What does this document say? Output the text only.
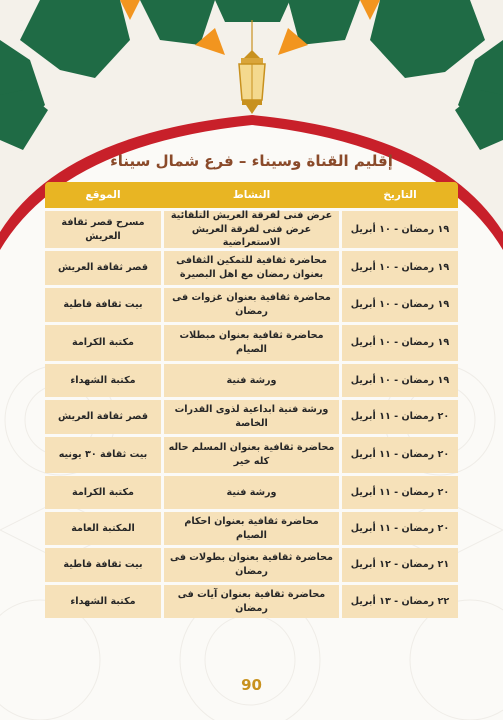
إقليم القناة وسيناء – فرع شمال سيناء
التاريخ
النشاط
الموقع
١٩ رمضان - ١٠ أبريل
عرض فنى لفرقة العريش التلقائية عرض فنى لفرقة العريش الاستعراضية
مسرح قصر ثقافة العريش
١٩ رمضان - ١٠ أبريل
محاضرة ثقافية للتمكين الثقافى بعنوان رمضان مع اهل البصيرة
قصر ثقافة العريش
١٩ رمضان - ١٠ أبريل
محاضرة ثقافية بعنوان غزوات فى رمضان
بيت ثقافة قاطية
١٩ رمضان - ١٠ أبريل
محاضرة ثقافية بعنوان مبطلات الصيام
مكتبة الكرامة
١٩ رمضان - ١٠ أبريل
ورشة فنية
مكتبة الشهداء
٢٠ رمضان - ١١ أبريل
ورشة فنية ابداعية لذوى القدرات الخاصة
قصر ثقافة العريش
٢٠ رمضان - ١١ أبريل
محاضرة ثقافية بعنوان المسلم حاله كله خير
بيت ثقافة ٣٠ يونيه
٢٠ رمضان - ١١ أبريل
ورشة فنية
مكتبة الكرامة
٢٠ رمضان - ١١ أبريل
محاضرة ثقافية بعنوان احكام الصيام
المكتبة العامة
٢١ رمضان - ١٢ أبريل
محاضرة ثقافية بعنوان بطولات فى رمضان
بيت ثقافة قاطية
٢٢ رمضان - ١٣ أبريل
محاضرة ثقافية بعنوان آيات فى رمضان
مكتبة الشهداء
90
